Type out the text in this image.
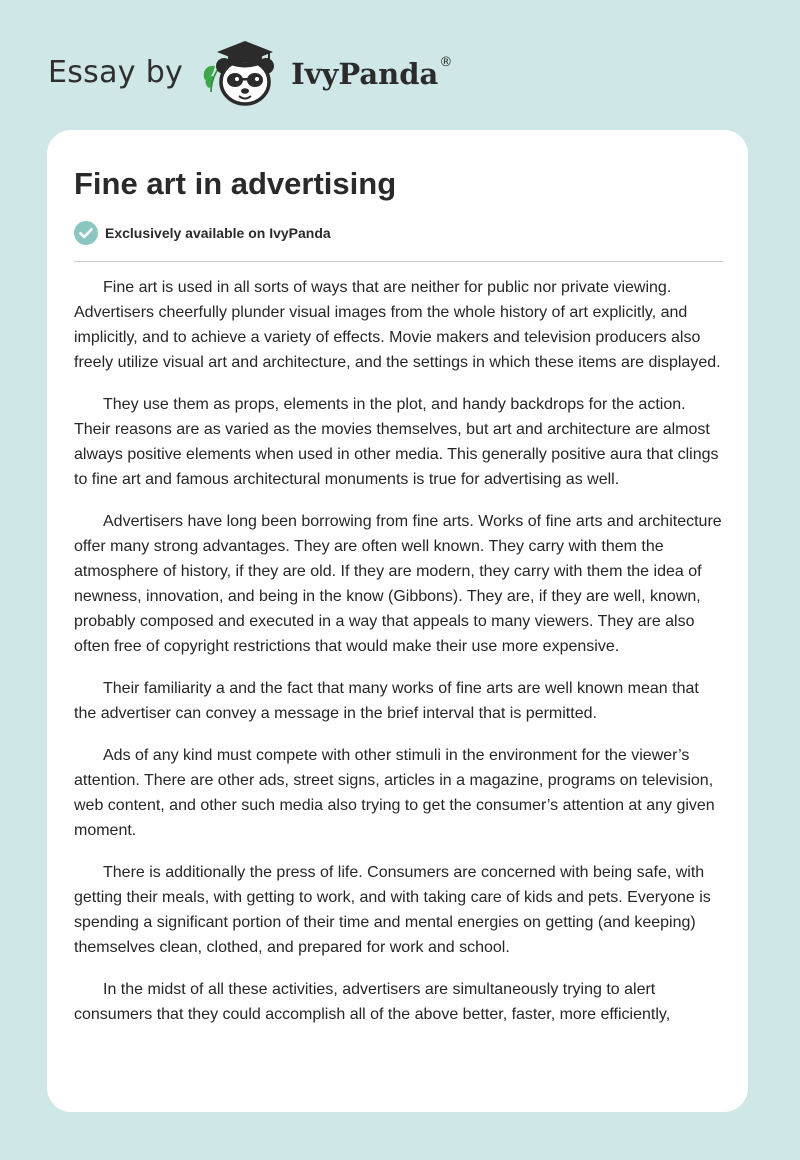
Essay by	IvyPanda ®
Fine art in advertising
Exclusively available on IvyPanda

Fine art is used in all sorts of ways that are neither for public nor private viewing. Advertisers cheerfully plunder visual images from the whole history of art explicitly, and implicitly, and to achieve a variety of effects. Movie makers and television producers also freely utilize visual art and architecture, and the settings in which these items are displayed.

They use them as props, elements in the plot, and handy backdrops for the action. Their reasons are as varied as the movies themselves, but art and architecture are almost always positive elements when used in other media. This generally positive aura that clings to fine art and famous architectural monuments is true for advertising as well.

Advertisers have long been borrowing from fine arts. Works of fine arts and architecture offer many strong advantages. They are often well known. They carry with them the atmosphere of history, if they are old. If they are modern, they carry with them the idea of newness, innovation, and being in the know (Gibbons). They are, if they are well, known, probably composed and executed in a way that appeals to many viewers. They are also often free of copyright restrictions that would make their use more expensive.

Their familiarity a and the fact that many works of fine arts are well known mean that the advertiser can convey a message in the brief interval that is permitted.

Ads of any kind must compete with other stimuli in the environment for the viewer’s attention. There are other ads, street signs, articles in a magazine, programs on television, web content, and other such media also trying to get the consumer’s attention at any given moment.

There is additionally the press of life. Consumers are concerned with being safe, with getting their meals, with getting to work, and with taking care of kids and pets. Everyone is spending a significant portion of their time and mental energies on getting (and keeping) themselves clean, clothed, and prepared for work and school.

In the midst of all these activities, advertisers are simultaneously trying to alert consumers that they could accomplish all of the above better, faster, more efficiently,
